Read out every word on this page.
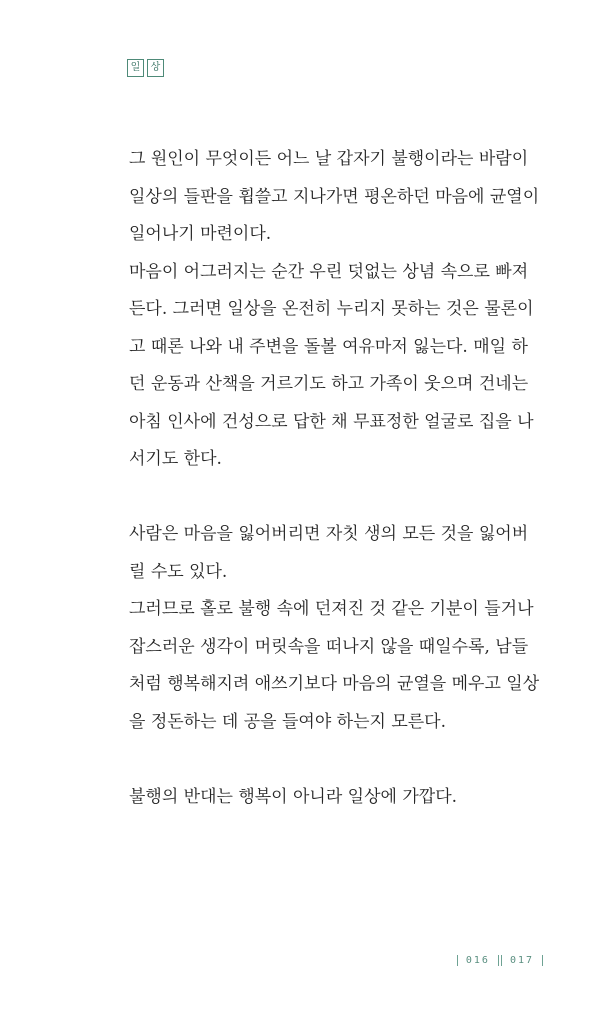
일	상
그 원인이 무엇이든 어느 날 갑자기 불행이라는 바람이
일상의 들판을 휩쓸고 지나가면 평온하던 마음에 균열이
일어나기 마련이다.
마음이 어그러지는 순간 우린 덧없는 상념 속으로 빠져
든다. 그러면 일상을 온전히 누리지 못하는 것은 물론이
고 때론 나와 내 주변을 돌볼 여유마저 잃는다. 매일 하
던 운동과 산책을 거르기도 하고 가족이 웃으며 건네는
아침 인사에 건성으로 답한 채 무표정한 얼굴로 집을 나
서기도 한다.
사람은 마음을 잃어버리면 자칫 생의 모든 것을 잃어버
릴 수도 있다.
그러므로 홀로 불행 속에 던져진 것 같은 기분이 들거나
잡스러운 생각이 머릿속을 떠나지 않을 때일수록, 남들
처럼 행복해지려 애쓰기보다 마음의 균열을 메우고 일상
을 정돈하는 데 공을 들여야 하는지 모른다.
불행의 반대는 행복이 아니라 일상에 가깝다.
016 017
